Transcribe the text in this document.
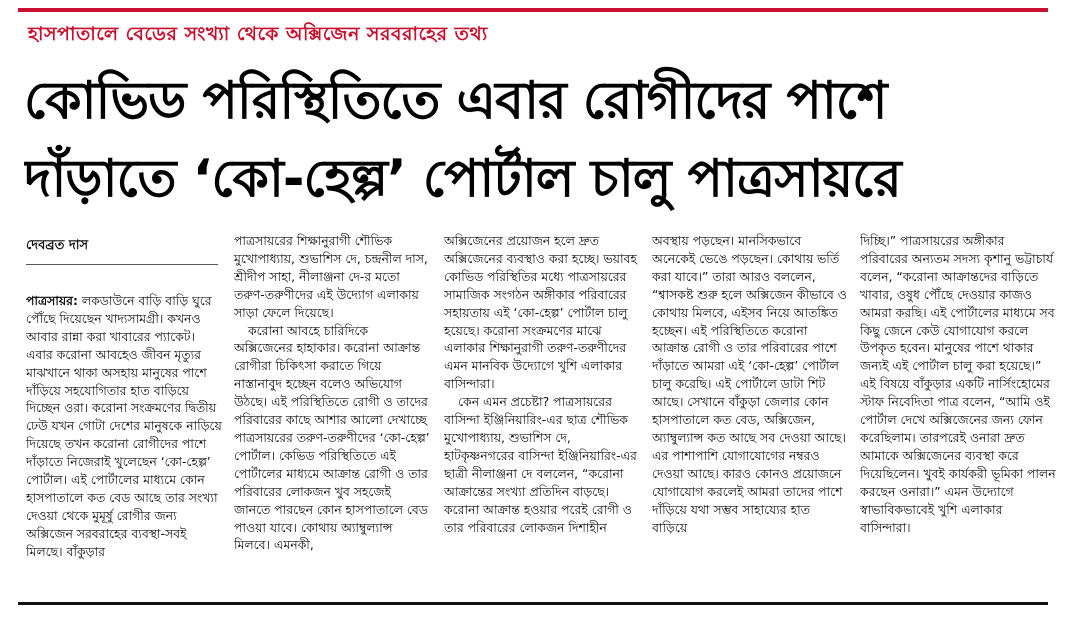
হাসপাতালে বেডের সংখ্যা থেকে অক্সিজেন সরবরাহের তথ্য
কোভিড পরিস্থিতিতে এবার রোগীদের পাশে
দাঁড়াতে ‘কো-হেল্প’ পোর্টাল চালু পাত্রসায়রে
দেবব্রত দাস

পাত্রসায়র: লকডাউনে বাড়ি বাড়ি ঘুরে পৌঁছে দিয়েছেন খাদ্যসামগ্রী। কখনও আবার রান্না করা খাবারের প্যাকেট। এবার করোনা আবহেও জীবন মৃত্যুর মাঝখানে থাকা অসহায় মানুষের পাশে দাঁড়িয়ে সহযোগিতার হাত বাড়িয়ে দিচ্ছেন ওরা। করোনা সংক্রমণের দ্বিতীয় ঢেউ যখন গোটা দেশের মানুষকে নাড়িয়ে দিয়েছে তখন করোনা রোগীদের পাশে দাঁড়াতে নিজেরাই খুলেছেন ‘কো-হেল্প’ পোর্টাল। এই পোর্টালের মাধ্যমে কোন হাসপাতালে কত বেড আছে তার সংখ্যা দেওয়া থেকে মুমূর্ষু রোগীর জন্য অক্সিজেন সরবরাহের ব্যবস্থা-সবই মিলছে। বাঁকুড়ার

পাত্রসায়রের শিক্ষানুরাগী শৌভিক মুখোপাধ্যায়, শুভাশিস দে, চন্দ্রনীল দাস, শ্রীদীপ সাহা, নীলাঞ্জনা দে-র মতো তরুণ-তরুণীদের এই উদ্যোগ এলাকায় সাড়া ফেলে দিয়েছে।

করোনা আবহে চারিদিকে অক্সিজেনের হাহাকার। করোনা আক্রান্ত রোগীরা চিকিৎসা করাতে গিয়ে নাস্তানাবুদ হচ্ছেন বলেও অভিযোগ উঠছে। এই পরিস্থিতিতে রোগী ও তাদের পরিবারের কাছে আশার আলো দেখাচ্ছে পাত্রসায়রের তরুণ-তরুণীদের ‘কো-হেল্প’ পোর্টাল। কেভিড পরিস্থিতিতে এই পোর্টালের মাধ্যমে আক্রান্ত রোগী ও তার পরিবারের লোকজন খুব সহজেই জানতে পারছেন কোন হাসপাতালে বেড পাওয়া যাবে। কোথায় অ্যাম্বুল্যান্স মিলবে। এমনকী,

অক্সিজেনের প্রয়োজন হলে দ্রুত অক্সিজেনের ব্যবস্থাও করা হচ্ছে। ভয়াবহ কোভিড পরিস্থিতির মধ্যে পাত্রসায়রের সামাজিক সংগঠন অঙ্গীকার পরিবারের সহায়তায় এই ‘কো-হেল্প’ পোর্টাল চালু হয়েছে। করোনা সংক্রমণের মাঝে এলাকার শিক্ষানুরাগী তরুণ-তরুণীদের এমন মানবিক উদ্যোগে খুশি এলাকার বাসিন্দারা।

কেন এমন প্রচেষ্টা? পাত্রসায়রের বাসিন্দা ইঞ্জিনিয়ারিং-এর ছাত্র শৌভিক মুখোপাধ্যায়, শুভাশিস দে, হাটকৃষ্ণনগরের বাসিন্দা ইঞ্জিনিয়ারিং-এর ছাত্রী নীলাঞ্জনা দে বললেন, “করোনা আক্রান্তের সংখ্যা প্রতিদিন বাড়ছে। করোনা আক্রান্ত হওয়ার পরেই রোগী ও তার পরিবারের লোকজন দিশাহীন

অবস্থায় পড়ছেন। মানসিকভাবে অনেকেই ভেঙে পড়ছেন। কোথায় ভর্তি করা যাবে।” তারা আরও বললেন, “শ্বাসকষ্ট শুরু হলে অক্সিজেন কীভাবে ও কোথায় মিলবে, এইসব নিয়ে আতঙ্কিত হচ্ছেন। এই পরিস্থিতিতে করোনা আক্রান্ত রোগী ও তার পরিবারের পাশে দাঁড়াতে আমরা এই ‘কো-হেল্প’ পোর্টাল চালু করেছি। এই পোর্টালে ডাটা শিট আছে। সেখানে বাঁকুড়া জেলার কোন হাসপাতালে কত বেড, অক্সিজেন, অ্যাম্বুল্যান্স কত আছে সব দেওয়া আছে। এর পাশাপাশি যোগাযোগের নম্বরও দেওয়া আছে। কারও কোনও প্রয়োজনে যোগাযোগ করলেই আমরা তাদের পাশে দাঁড়িয়ে যথা সম্ভব সাহায্যের হাত বাড়িয়ে

দিচ্ছি।” পাত্রসায়রের অঙ্গীকার পরিবারের অন্যতম সদস্য কৃশানু ভট্টাচার্য বলেন, “করোনা আক্রান্তদের বাড়িতে খাবার, ওষুধ পৌঁছে দেওয়ার কাজও আমরা করছি। এই পোর্টালের মাধ্যমে সব কিছু জেনে কেউ যোগাযোগ করলে উপকৃত হবেন। মানুষের পাশে থাকার জন্যই এই পোর্টাল চালু করা হয়েছে।” এই বিষয়ে বাঁকুড়ার একটি নার্সিংহোমের স্টাফ নিবেদিতা পাত্র বলেন, “আমি ওই পোর্টাল দেখে অক্সিজেনের জন্য ফোন করেছিলাম। তারপরেই ওনারা দ্রুত আমাকে অক্সিজেনের ব্যবস্থা করে দিয়েছিলেন। খুবই কার্যকরী ভূমিকা পালন করছেন ওনারা।” এমন উদ্যোগে স্বাভাবিকভাবেই খুশি এলাকার বাসিন্দারা।
